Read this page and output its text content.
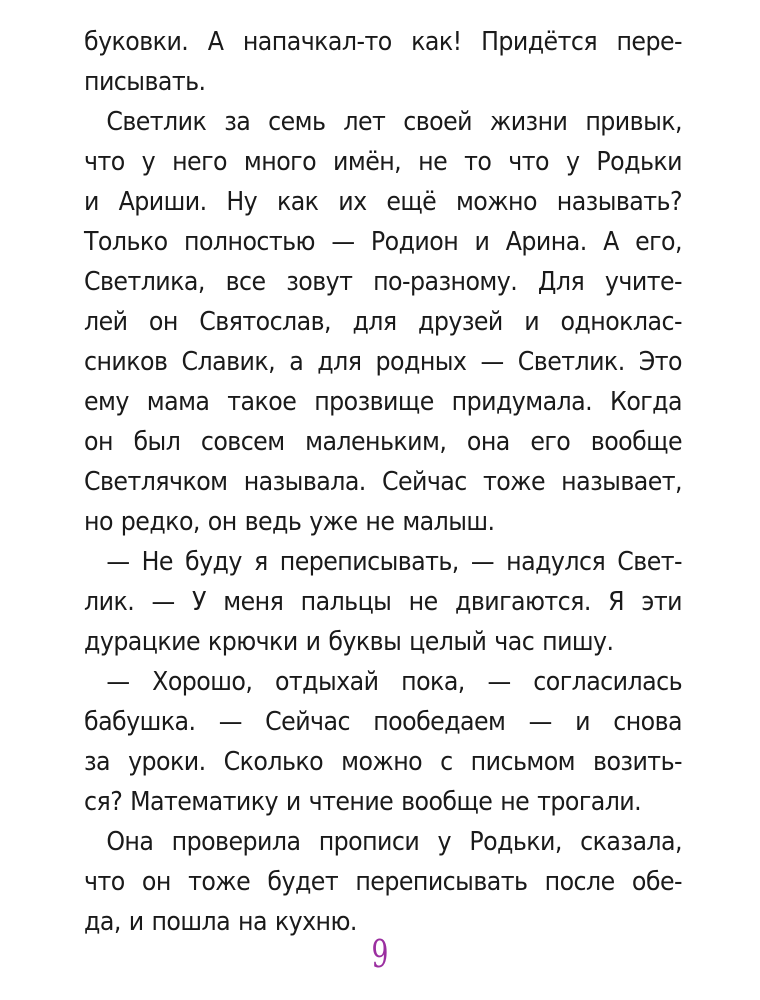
буковки. А напачкал-то как! Придётся пере-
писывать.
Светлик за семь лет своей жизни привык,
что у него много имён, не то что у Родьки
и Ариши. Ну как их ещё можно называть?
Только полностью — Родион и Арина. А его,
Светлика, все зовут по-разному. Для учите-
лей он Святослав, для друзей и одноклас-
сников Славик, а для родных — Светлик. Это
ему мама такое прозвище придумала. Когда
он был совсем маленьким, она его вообще
Светлячком называла. Сейчас тоже называет,
но редко, он ведь уже не малыш.
— Не буду я переписывать, — надулся Свет-
лик. — У меня пальцы не двигаются. Я эти
дурацкие крючки и буквы целый час пишу.
— Хорошо, отдыхай пока, — согласилась
бабушка. — Сейчас пообедаем — и снова
за уроки. Сколько можно с письмом возить-
ся? Математику и чтение вообще не трогали.
Она проверила прописи у Родьки, сказала,
что он тоже будет переписывать после обе-
да, и пошла на кухню.
9
